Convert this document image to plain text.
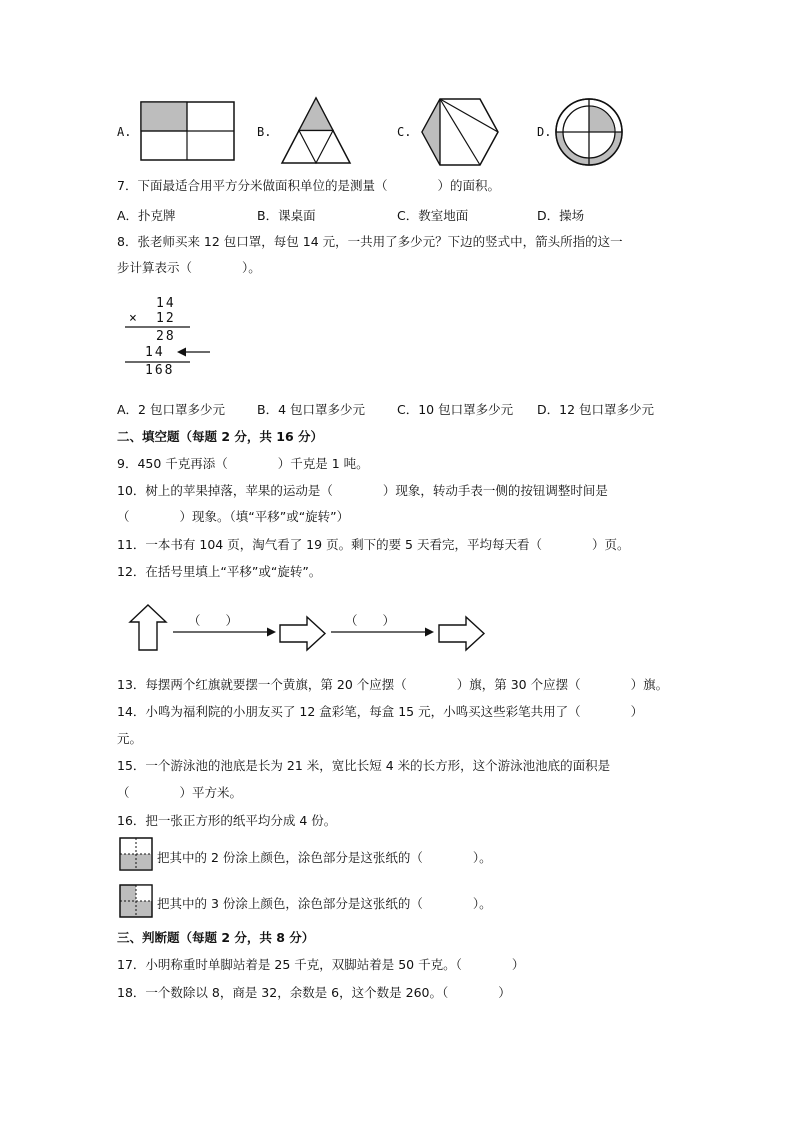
A.	B.	C.	D.
7．下面最适合用平方分米做面积单位的是测量（　　　　）的面积。
A．扑克牌	B．课桌面	C．教室地面	D．操场
8．张老师买来 12 包口罩，每包 14 元，一共用了多少元？下边的竖式中，箭头所指的这一
步计算表示（　　　　）。
14
× 12
28
14
168
A．2 包口罩多少元	B．4 包口罩多少元	C．10 包口罩多少元 D．12 包口罩多少元
二、填空题（每题 2 分，共 16 分）
9．450 千克再添（　　　　）千克是 1 吨。
10．树上的苹果掉落，苹果的运动是（　　　　）现象，转动手表一侧的按钮调整时间是
（　　　　）现象。（填“平移”或“旋转”）
11．一本书有 104 页，淘气看了 19 页。剩下的要 5 天看完，平均每天看（　　　　）页。
12．在括号里填上“平移”或“旋转”。
（　　）	（　　）
13．每摆两个红旗就要摆一个黄旗，第 20 个应摆（　　　　）旗，第 30 个应摆（　　　　）旗。
14．小鸣为福利院的小朋友买了 12 盒彩笔，每盒 15 元，小鸣买这些彩笔共用了（　　　　）
元。
15．一个游泳池的池底是长为 21 米，宽比长短 4 米的长方形，这个游泳池池底的面积是
（　　　　）平方米。
16．把一张正方形的纸平均分成 4 份。
把其中的 2 份涂上颜色，涂色部分是这张纸的（　　　　）。
把其中的 3 份涂上颜色，涂色部分是这张纸的（　　　　）。
三、判断题（每题 2 分，共 8 分）
17．小明称重时单脚站着是 25 千克，双脚站着是 50 千克。（　　　　）
18．一个数除以 8，商是 32，余数是 6，这个数是 260。（　　　　）
